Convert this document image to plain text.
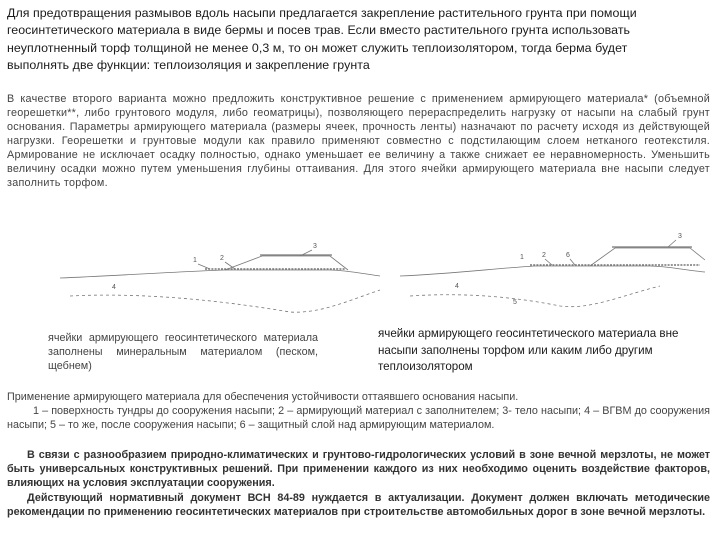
Для предотвращения размывов вдоль насыпи предлагается закрепление растительного грунта при помощи
геосинтетического материала в виде бермы и посев трав. Если вместо растительного грунта использовать
неуплотненный торф толщиной не менее 0,3 м, то он может служить теплоизолятором, тогда берма будет
выполнять две функции: теплоизоляция и закрепление грунта

В качестве второго варианта можно предложить конструктивное решение с применением армирующего материала* (объемной георешетки**, либо грунтового модуля, либо геоматрицы), позволяющего перераспределить нагрузку от насыпи на слабый грунт основания. Параметры армирующего материала (размеры ячеек, прочность ленты) назначают по расчету исходя из действующей нагрузки. Георешетки и грунтовые модули как правило применяют совместно с подстилающим слоем нетканого геотекстиля. Армирование не исключает осадку полностью, однако уменьшает ее величину а также снижает ее неравномерность. Уменьшить величину осадки можно путем уменьшения глубины оттаивания. Для этого ячейки армирующего материала вне насыпи следует заполнить торфом.

1	2
3
4
1	2	6
5
3
4

ячейки армирующего геосинтетического материала заполнены минеральным материалом (песком, щебнем)

ячейки армирующего геосинтетического материала вне насыпи заполнены торфом или каким либо другим теплоизолятором

Применение армирующего материала для обеспечения устойчивости оттаявшего основания насыпи.
1 – поверхность тундры до сооружения насыпи; 2 – армирующий материал с заполнителем; 3- тело насыпи; 4 – ВГВМ до сооружения насыпи; 5 – то же, после сооружения насыпи; 6 – защитный слой над армирующим материалом.
В связи с разнообразием природно-климатических и грунтово-гидрологических условий в зоне вечной мерзлоты, не может быть универсальных конструктивных решений. При применении каждого из них необходимо оценить воздействие факторов, влияющих на условия эксплуатации сооружения.
Действующий нормативный документ ВСН 84-89 нуждается в актуализации. Документ должен включать методические рекомендации по применению геосинтетических материалов при строительстве автомобильных дорог в зоне вечной мерзлоты.
